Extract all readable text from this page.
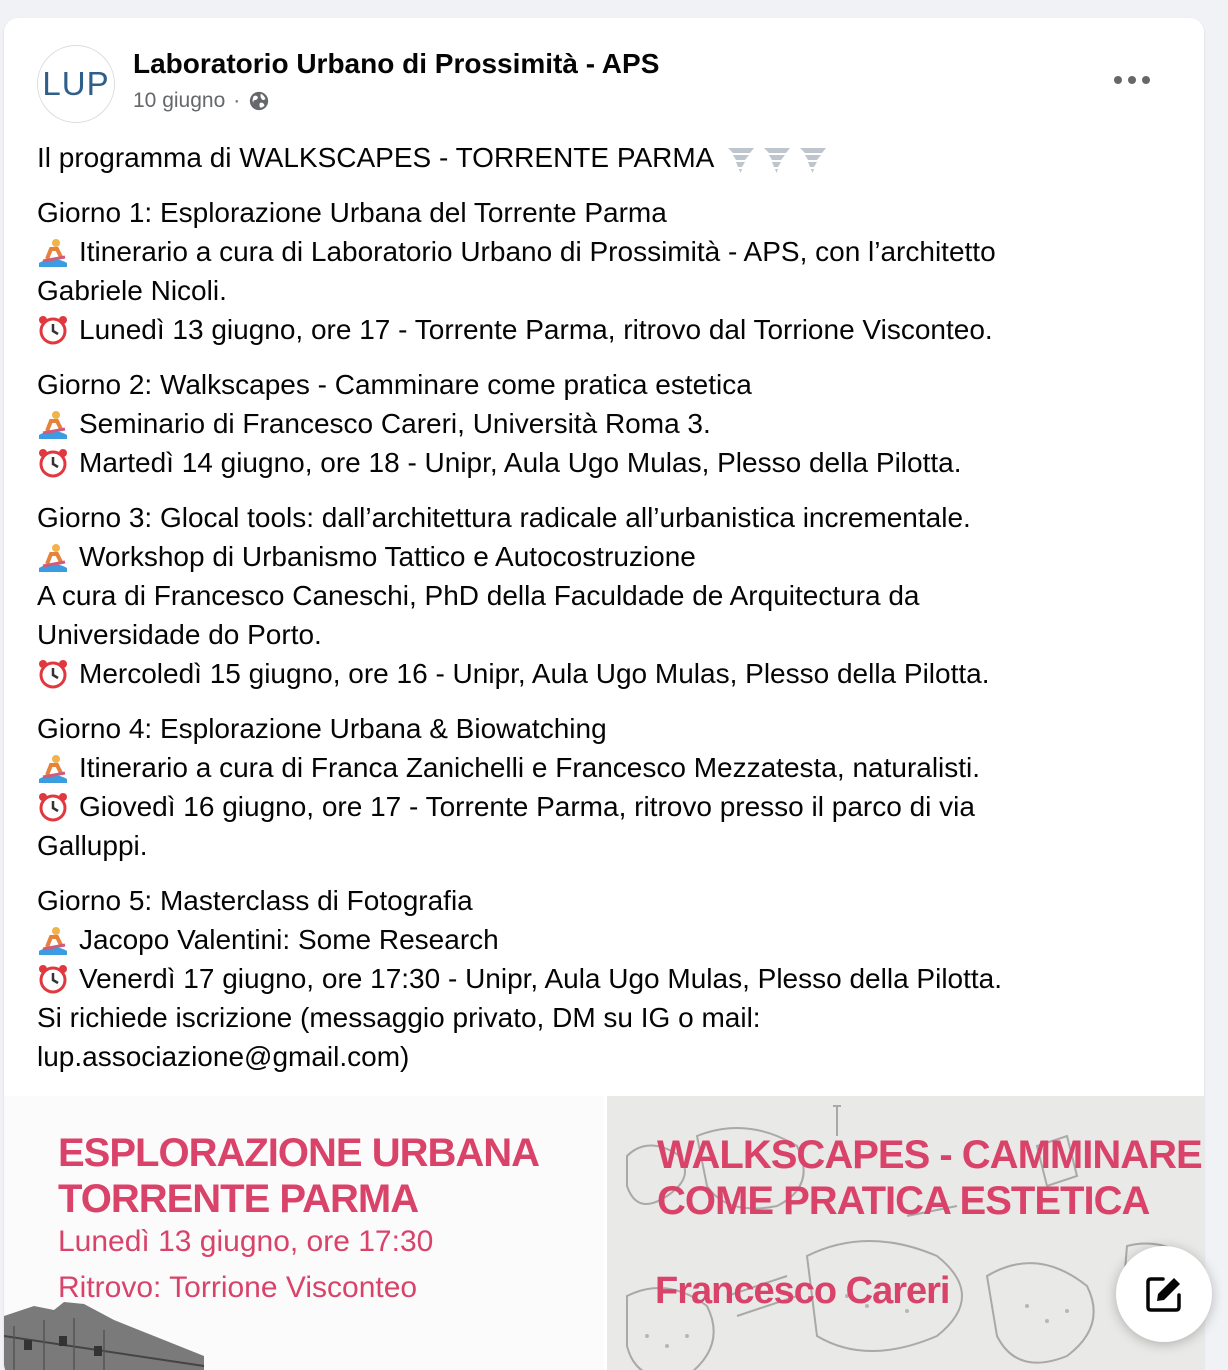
LUP
Laboratorio Urbano di Prossimità - APS
10 giugno ·
Il programma di WALKSCAPES - TORRENTE PARMA
Giorno 1: Esplorazione Urbana del Torrente Parma
Itinerario a cura di Laboratorio Urbano di Prossimità - APS, con l’architetto
Gabriele Nicoli.
Lunedì 13 giugno, ore 17 - Torrente Parma, ritrovo dal Torrione Visconteo.
Giorno 2: Walkscapes - Camminare come pratica estetica
Seminario di Francesco Careri, Università Roma 3.
Martedì 14 giugno, ore 18 - Unipr, Aula Ugo Mulas, Plesso della Pilotta.
Giorno 3: Glocal tools: dall’architettura radicale all’urbanistica incrementale.
Workshop di Urbanismo Tattico e Autocostruzione
A cura di Francesco Caneschi, PhD della Faculdade de Arquitectura da
Universidade do Porto.
Mercoledì 15 giugno, ore 16 - Unipr, Aula Ugo Mulas, Plesso della Pilotta.
Giorno 4: Esplorazione Urbana & Biowatching
Itinerario a cura di Franca Zanichelli e Francesco Mezzatesta, naturalisti.
Giovedì 16 giugno, ore 17 - Torrente Parma, ritrovo presso il parco di via
Galluppi.
Giorno 5: Masterclass di Fotografia
Jacopo Valentini: Some Research
Venerdì 17 giugno, ore 17:30 - Unipr, Aula Ugo Mulas, Plesso della Pilotta.
Si richiede iscrizione (messaggio privato, DM su IG o mail:
lup.associazione@gmail.com)
ESPLORAZIONE URBANA
TORRENTE PARMA
Lunedì 13 giugno, ore 17:30
Ritrovo: Torrione Visconteo
WALKSCAPES - CAMMINARE
COME PRATICA ESTETICA
Francesco Careri
